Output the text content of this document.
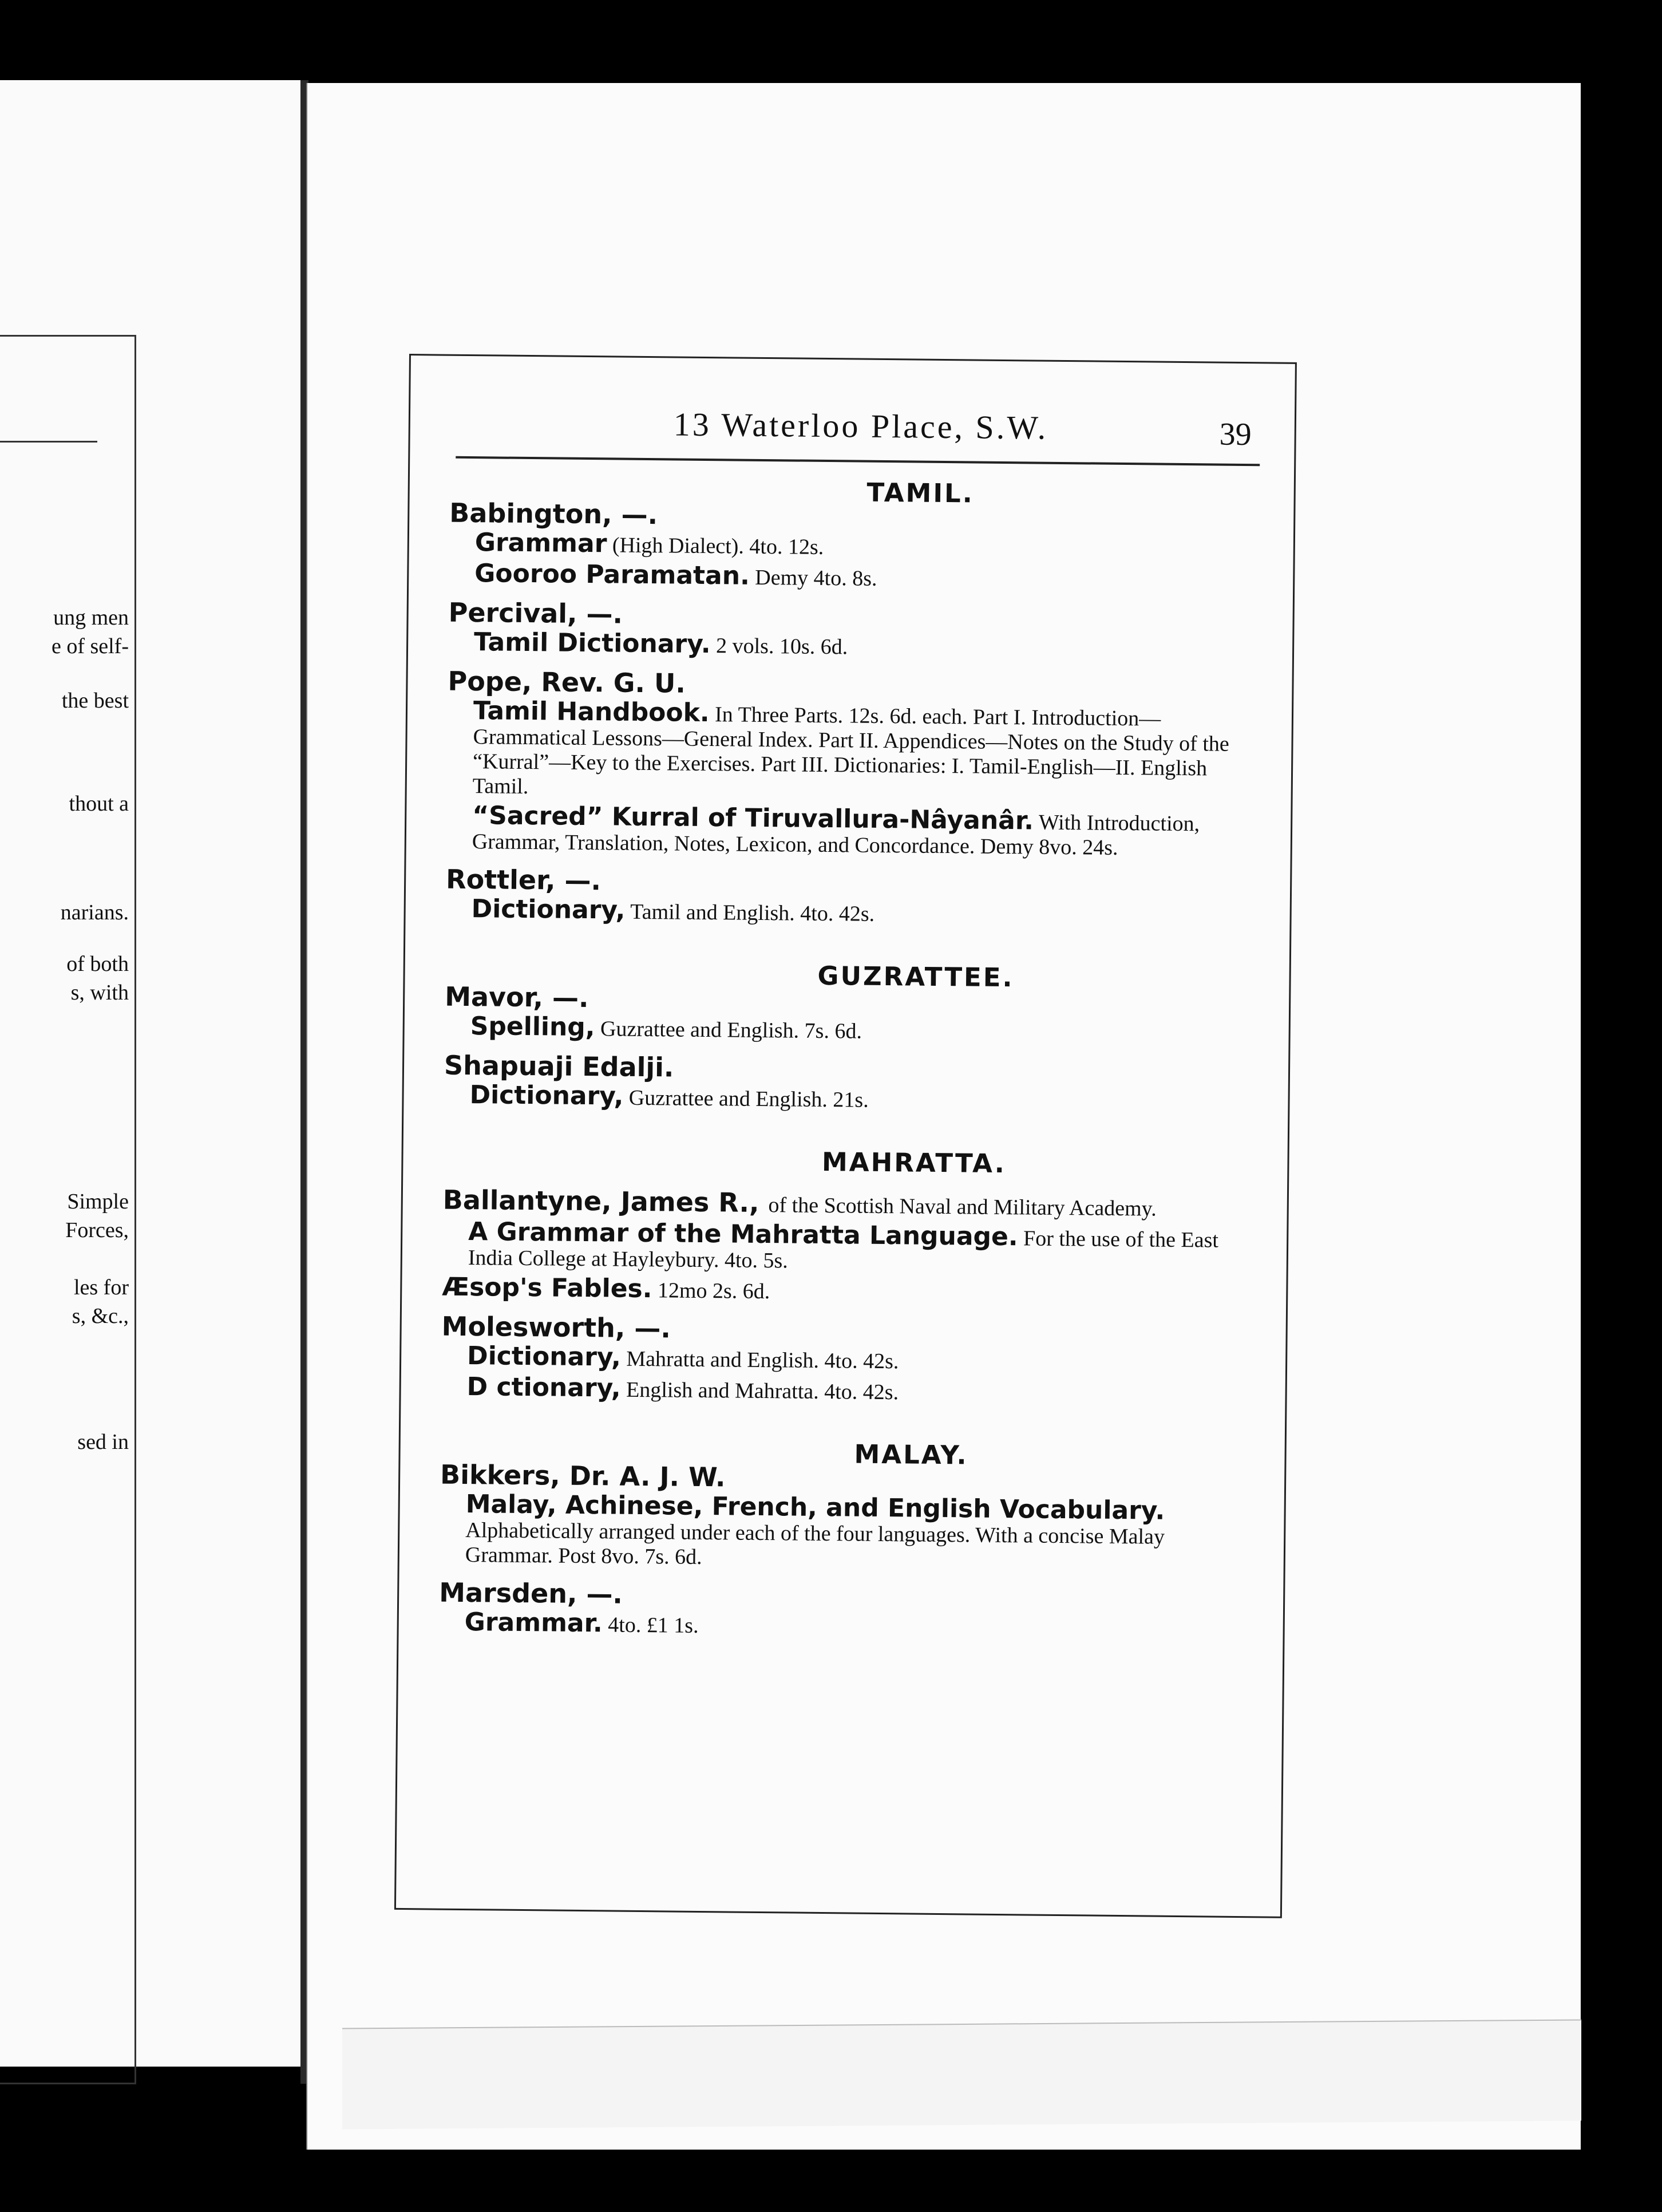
ung men
e of self-
the best
thout a
narians.
of both
s, with
Simple
Forces,
les for
s, &c.,
sed in
13 Waterloo Place, S.W.	39
TAMIL.
Babington, —.
Grammar (High Dialect). 4to. 12s.
Gooroo Paramatan. Demy 4to. 8s.
Percival, —.
Tamil Dictionary. 2 vols. 10s. 6d.
Pope, Rev. G. U.
Tamil Handbook. In Three Parts. 12s. 6d. each. Part I. Introduction—Grammatical Lessons—General Index. Part II. Appendices—Notes on the Study of the “Kurral”—Key to the Exercises. Part III. Dictionaries: I. Tamil-English—II. English Tamil.
“Sacred” Kurral of Tiruvallura-Nâyanâr. With Introduction, Grammar, Translation, Notes, Lexicon, and Concordance. Demy 8vo. 24s.
Rottler, —.
Dictionary, Tamil and English. 4to. 42s.
GUZRATTEE.
Mavor, —.
Spelling, Guzrattee and English. 7s. 6d.
Shapuaji Edalji.
Dictionary, Guzrattee and English. 21s.
MAHRATTA.
Ballantyne, James R., of the Scottish Naval and Military Academy.
A Grammar of the Mahratta Language. For the use of the East India College at Hayleybury. 4to. 5s.
Æsop's Fables. 12mo 2s. 6d.
Molesworth, —.
Dictionary, Mahratta and English. 4to. 42s.
D ctionary, English and Mahratta. 4to. 42s.
MALAY.
Bikkers, Dr. A. J. W.
Malay, Achinese, French, and English Vocabulary. Alphabetically arranged under each of the four languages. With a concise Malay Grammar. Post 8vo. 7s. 6d.
Marsden, —.
Grammar. 4to. £1 1s.
